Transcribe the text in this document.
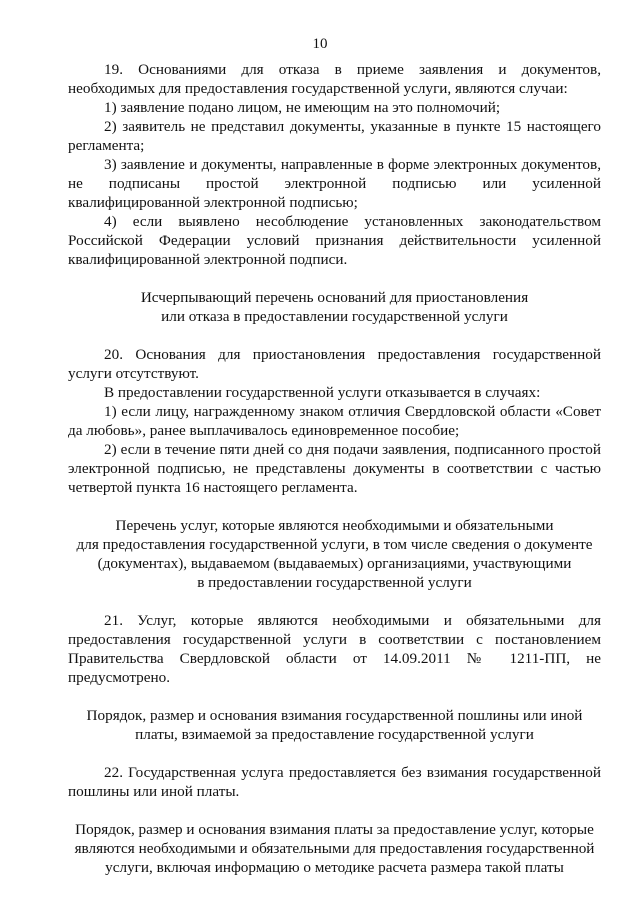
10

19. Основаниями для отказа в приеме заявления и документов, необходимых для предоставления государственной услуги, являются случаи:

1) заявление подано лицом, не имеющим на это полномочий;

2) заявитель не представил документы, указанные в пункте 15 настоящего регламента;

3) заявление и документы, направленные в форме электронных документов, не подписаны простой электронной подписью или усиленной квалифицированной электронной подписью;

4) если выявлено несоблюдение установленных законодательством Российской Федерации условий признания действительности усиленной квалифицированной электронной подписи.

Исчерпывающий перечень оснований для приостановления
или отказа в предоставлении государственной услуги

20. Основания для приостановления предоставления государственной услуги отсутствуют.

В предоставлении государственной услуги отказывается в случаях:

1) если лицу, награжденному знаком отличия Свердловской области «Совет да любовь», ранее выплачивалось единовременное пособие;

2) если в течение пяти дней со дня подачи заявления, подписанного простой электронной подписью, не представлены документы в соответствии с частью четвертой пункта 16 настоящего регламента.

Перечень услуг, которые являются необходимыми и обязательными
для предоставления государственной услуги, в том числе сведения о документе
(документах), выдаваемом (выдаваемых) организациями, участвующими
в предоставлении государственной услуги

21. Услуг, которые являются необходимыми и обязательными для предоставления государственной услуги в соответствии с постановлением Правительства Свердловской области от 14.09.2011 № 1211-ПП, не предусмотрено.

Порядок, размер и основания взимания государственной пошлины или иной
платы, взимаемой за предоставление государственной услуги

22. Государственная услуга предоставляется без взимания государственной пошлины или иной платы.

Порядок, размер и основания взимания платы за предоставление услуг, которые
являются необходимыми и обязательными для предоставления государственной
услуги, включая информацию о методике расчета размера такой платы
